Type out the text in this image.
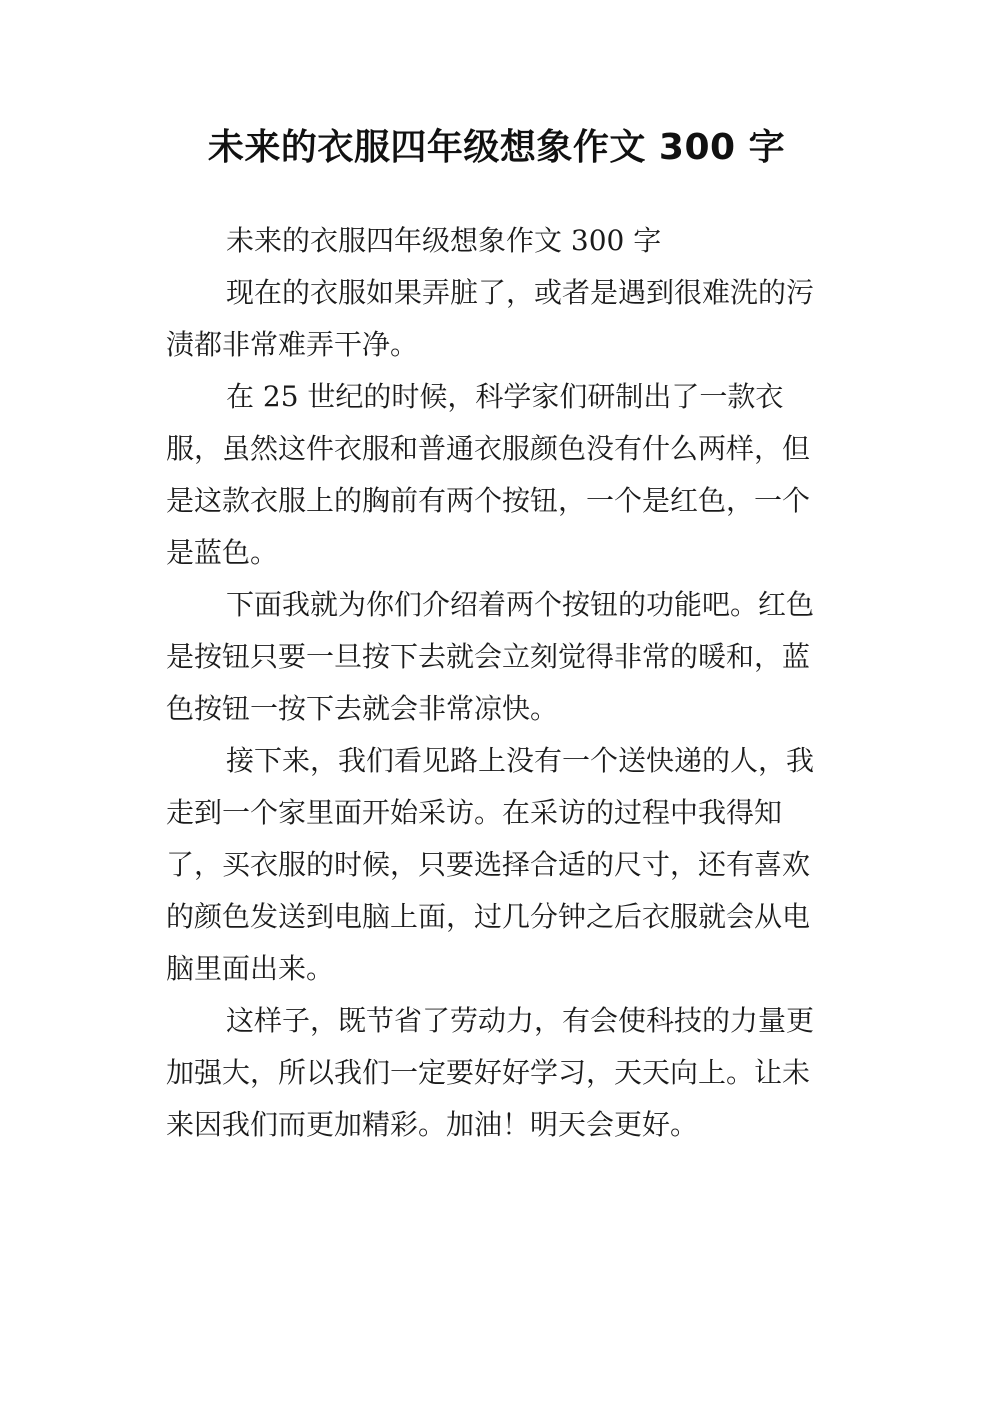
未来的衣服四年级想象作文 300 字

未来的衣服四年级想象作文 300 字

现在的衣服如果弄脏了，或者是遇到很难洗的污渍都非常难弄干净。

在 25 世纪的时候，科学家们研制出了一款衣服，虽然这件衣服和普通衣服颜色没有什么两样，但是这款衣服上的胸前有两个按钮，一个是红色，一个是蓝色。

下面我就为你们介绍着两个按钮的功能吧。红色是按钮只要一旦按下去就会立刻觉得非常的暖和，蓝色按钮一按下去就会非常凉快。

接下来，我们看见路上没有一个送快递的人，我走到一个家里面开始采访。在采访的过程中我得知了，买衣服的时候，只要选择合适的尺寸，还有喜欢的颜色发送到电脑上面，过几分钟之后衣服就会从电脑里面出来。

这样子，既节省了劳动力，有会使科技的力量更加强大，所以我们一定要好好学习，天天向上。让未来因我们而更加精彩。加油！明天会更好。
